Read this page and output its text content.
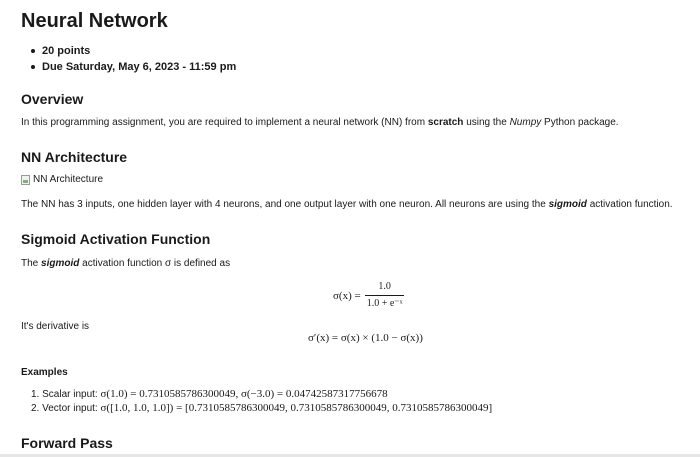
Neural Network
20 points
Due Saturday, May 6, 2023 - 11:59 pm
Overview

In this programming assignment, you are required to implement a neural network (NN) from scratch using the Numpy Python package.

NN Architecture
NN Architecture

The NN has 3 inputs, one hidden layer with 4 neurons, and one output layer with one neuron. All neurons are using the sigmoid activation function.

Sigmoid Activation Function

The sigmoid activation function σ is defined as

$\sigma(x) = \frac{1.0}{\text{1.0 + e⁻ˣ}}$

It's derivative is

σ′(x) = σ(x) × (1.0 − σ(x))
Examples
1. Scalar input: σ(1.0) = 0.7310585786300049, σ(−3.0) = 0.04742587317756678
2. Vector input: σ([1.0, 1.0, 1.0]) = [0.7310585786300049, 0.7310585786300049, 0.7310585786300049]
Forward Pass
